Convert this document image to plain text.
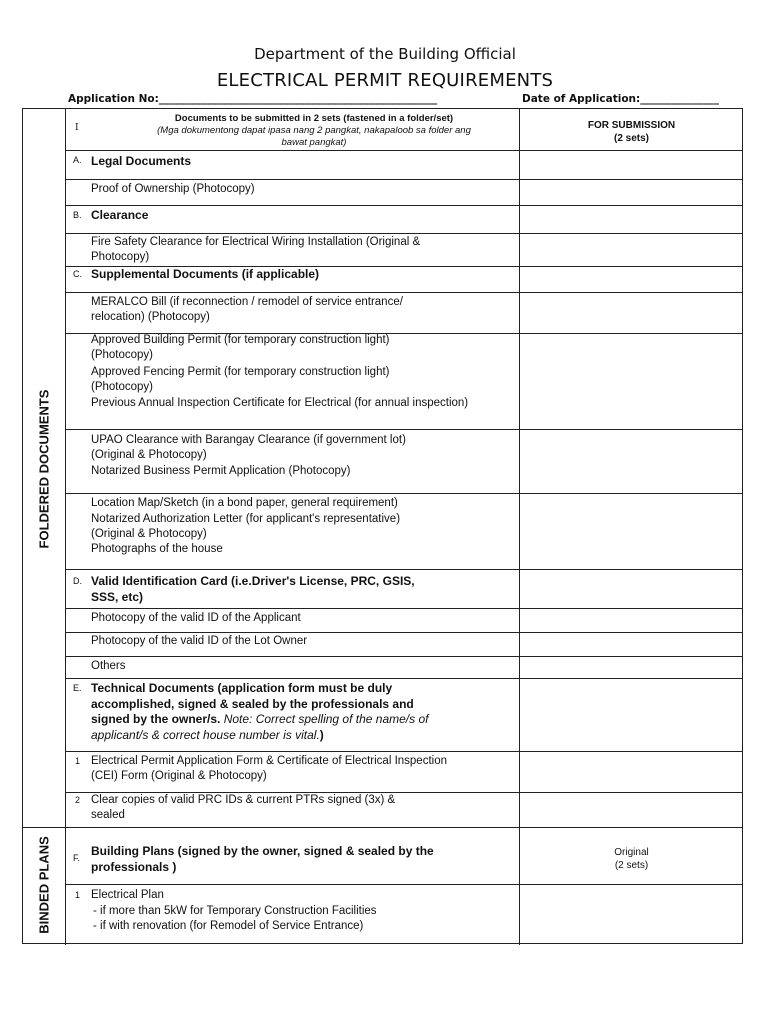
Department of the Building Official
ELECTRICAL PERMIT REQUIREMENTS
Application No:_____________________________________________________	Date of Application:_______________
FOLDERED DOCUMENTS
BINDED PLANS
I
Documents to be submitted in 2 sets (fastened in a folder/set)
(Mga dokumentong dapat ipasa nang 2 pangkat, nakapaloob sa folder ang
bawat pangkat)
FOR SUBMISSION
(2 sets)
A. Legal Documents
Proof of Ownership (Photocopy)
B. Clearance
Fire Safety Clearance for Electrical Wiring Installation (Original &
Photocopy)
C. Supplemental Documents (if applicable)
MERALCO Bill (if reconnection / remodel of service entrance/
relocation) (Photocopy)
Approved Building Permit (for temporary construction light)
(Photocopy)
Approved Fencing Permit (for temporary construction light)
(Photocopy)
Previous Annual Inspection Certificate for Electrical (for annual inspection)
UPAO Clearance with Barangay Clearance (if government lot)
(Original & Photocopy)
Notarized Business Permit Application (Photocopy)
Location Map/Sketch (in a bond paper, general requirement)
Notarized Authorization Letter (for applicant's representative)
(Original & Photocopy)
Photographs of the house
D. Valid Identification Card (i.e.Driver's License, PRC, GSIS,
SSS, etc)
Photocopy of the valid ID of the Applicant
Photocopy of the valid ID of the Lot Owner
Others
E. Technical Documents (application form must be duly
accomplished, signed & sealed by the professionals and
signed by the owner/s. Note: Correct spelling of the name/s of
applicant/s & correct house number is vital.)
1 Electrical Permit Application Form & Certificate of Electrical Inspection
(CEI) Form (Original & Photocopy)
2 Clear copies of valid PRC IDs & current PTRs signed (3x) &
sealed
F. Building Plans (signed by the owner, signed & sealed by the
professionals )
Original
(2 sets)
1 Electrical Plan
- if more than 5kW for Temporary Construction Facilities
- if with renovation (for Remodel of Service Entrance)
